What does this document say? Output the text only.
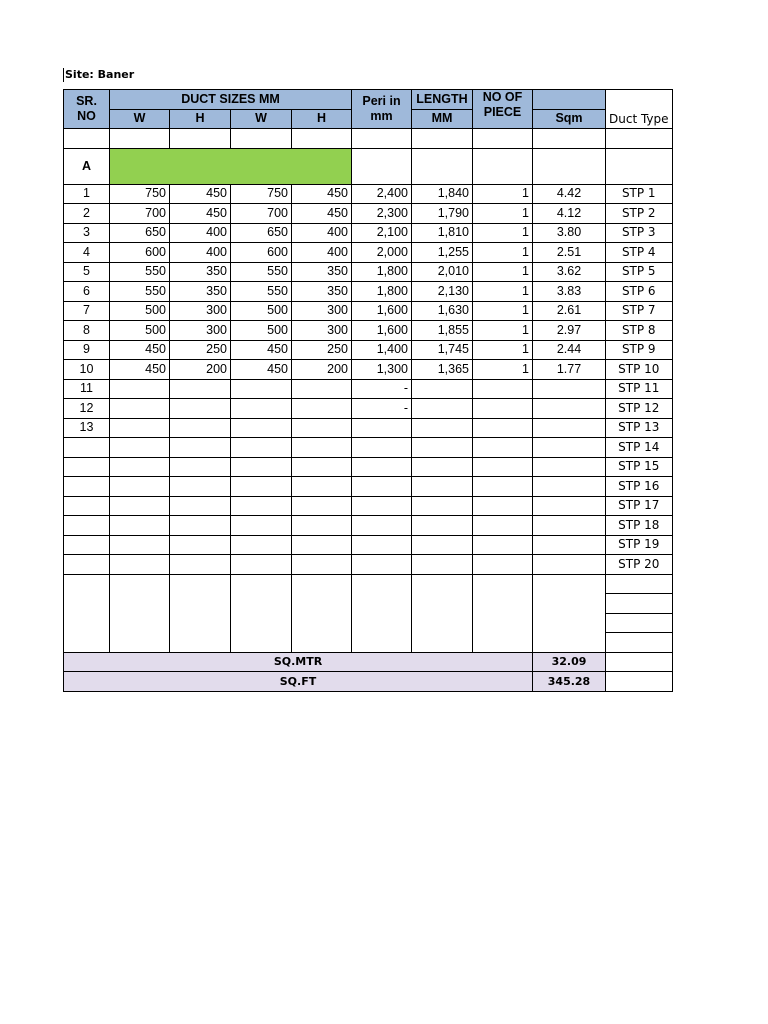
Site: Baner
SR. NO	DUCT SIZES MM				Peri in mm	LENGTH	NO OF PIECE		
	W	H	W	H		MM		Sqm	Duct Type

A									
1	750	450	750	450	2,400	1,840	1	4.42	STP 1
2	700	450	700	450	2,300	1,790	1	4.12	STP 2
3	650	400	650	400	2,100	1,810	1	3.80	STP 3
4	600	400	600	400	2,000	1,255	1	2.51	STP 4
5	550	350	550	350	1,800	2,010	1	3.62	STP 5
6	550	350	550	350	1,800	2,130	1	3.83	STP 6
7	500	300	500	300	1,600	1,630	1	2.61	STP 7
8	500	300	500	300	1,600	1,855	1	2.97	STP 8
9	450	250	450	250	1,400	1,745	1	2.44	STP 9
10	450	200	450	200	1,300	1,365	1	1.77	STP 10
11					-				STP 11
12					-				STP 12
13									STP 13
									STP 14
									STP 15
									STP 16
									STP 17
									STP 18
									STP 19
									STP 20

SQ.MTR								32.09	
SQ.FT								345.28	
